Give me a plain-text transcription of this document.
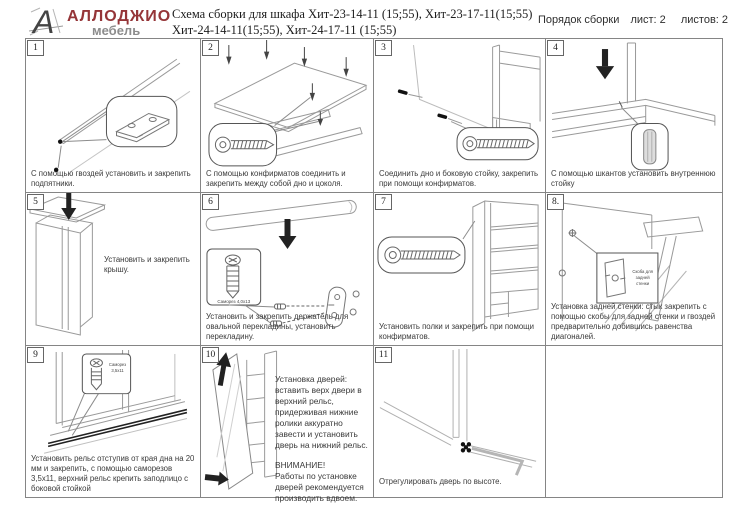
А АЛЛОДЖИО
мебель
Схема сборки для шкафа Хит-23-14-11 (15;55), Хит-23-17-11(15;55)
Хит-24-14-11(15;55), Хит-24-17-11 (15;55)
Порядок сборки лист: 2 листов: 2
1
С помощью гвоздей установить и закрепить подпятники.
2
С помощью конфирматов соединить и закрепить между собой дно и цоколя.
3
Соединить дно и боковую стойку, закрепить при помощи конфирматов.
4
С помощью шкантов установить внутреннюю стойку
5
Установить и закрепить крышу.
6
Саморез 4,0х13
Установить и закрепить держатель для овальной перекладины, установить перекладину.
7
Установить полки и закрепить при помощи конфирматов.
8.
Скоба для
задней
стенки
Установка задней стенки: стык закрепить с помощью скобы для задней стенки и гвоздей предварительно добившись равенства диагоналей.
9
Саморез
3,5х11
Установить рельс отступив от края дна на 20 мм и закрепить, с помощью саморезов 3,5х11, верхний рельс крепить заподлицо с боковой стойкой
10
Установка дверей: вставить верх двери в верхний рельс, придерживая нижние ролики аккуратно завести и установить дверь на нижний рельс.
ВНИМАНИЕ!
Работы по установке дверей рекомендуется производить вдвоем.
11
Отрегулировать дверь по высоте.
